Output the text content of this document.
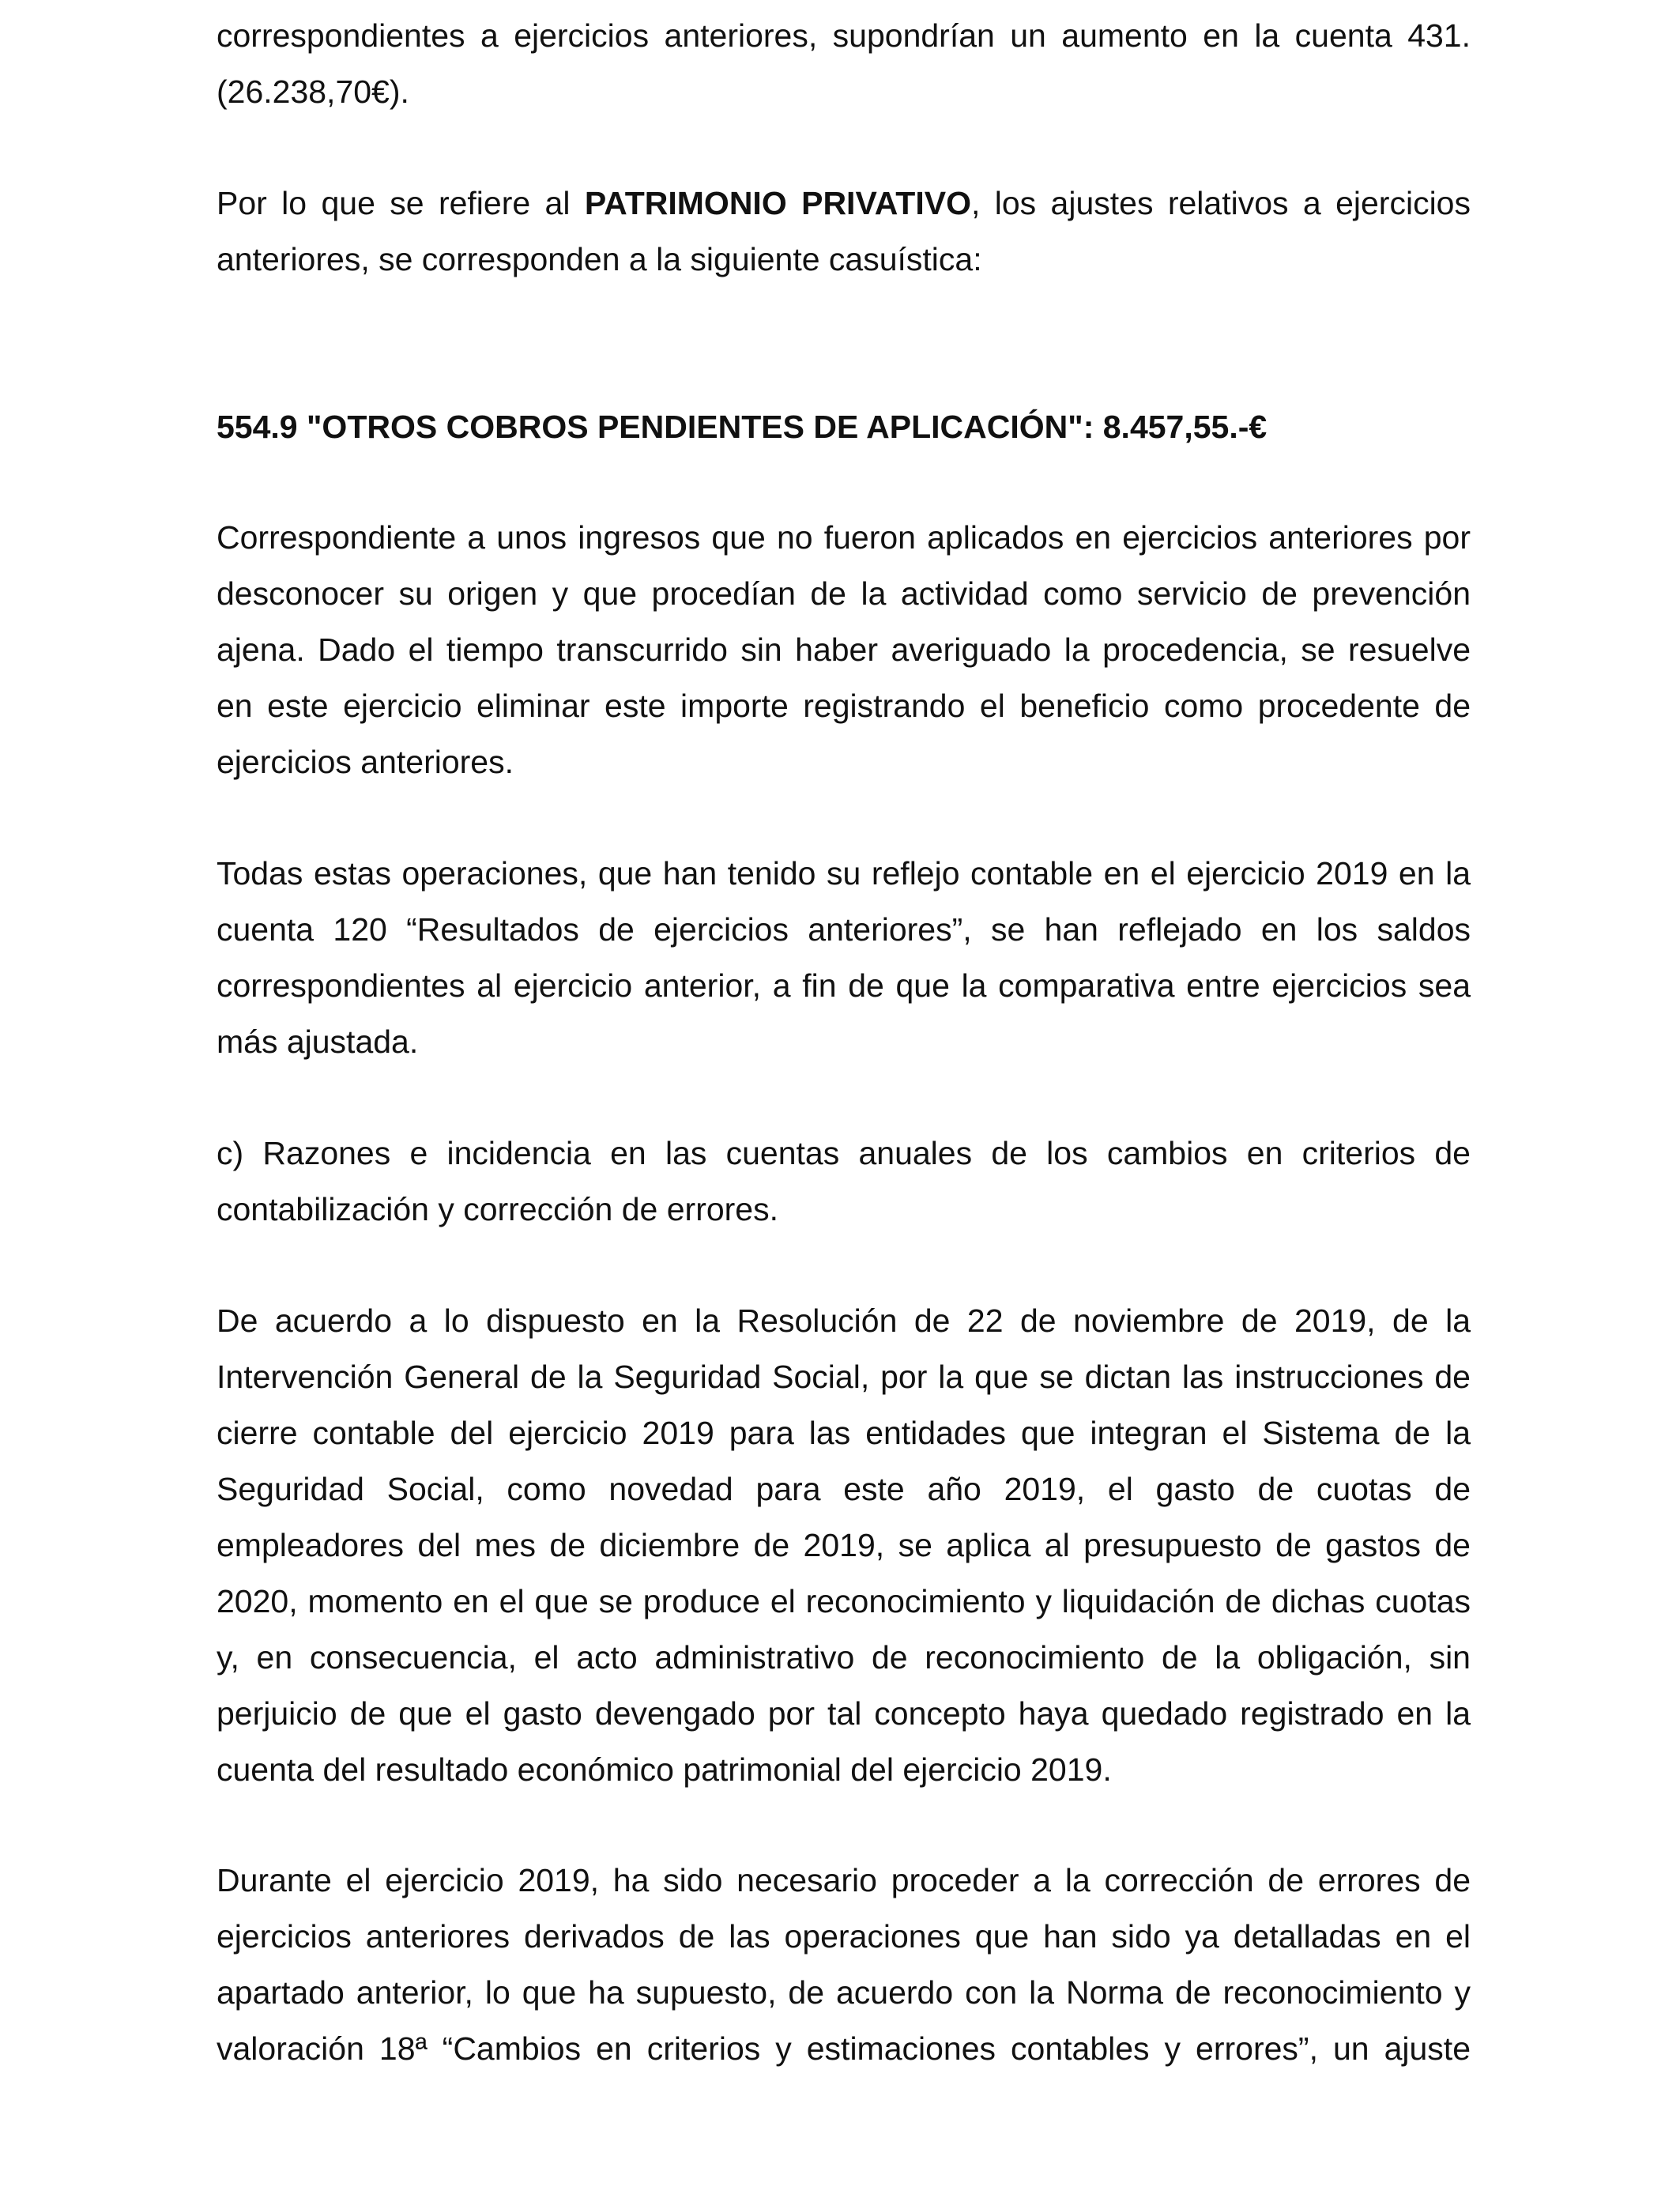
correspondientes a ejercicios anteriores, supondrían un aumento en la cuenta 431. (26.238,70€).

Por lo que se refiere al PATRIMONIO PRIVATIVO, los ajustes relativos a ejercicios anteriores, se corresponden a la siguiente casuística:

554.9 "OTROS COBROS PENDIENTES DE APLICACIÓN": 8.457,55.-€

Correspondiente a unos ingresos que no fueron aplicados en ejercicios anteriores por desconocer su origen y que procedían de la actividad como servicio de prevención ajena. Dado el tiempo transcurrido sin haber averiguado la procedencia, se resuelve en este ejercicio eliminar este importe registrando el beneficio como procedente de ejercicios anteriores.

Todas estas operaciones, que han tenido su reflejo contable en el ejercicio 2019 en la cuenta 120 “Resultados de ejercicios anteriores”, se han reflejado en los saldos correspondientes al ejercicio anterior, a fin de que la comparativa entre ejercicios sea más ajustada.

c) Razones e incidencia en las cuentas anuales de los cambios en criterios de contabilización y corrección de errores.

De acuerdo a lo dispuesto en la Resolución de 22 de noviembre de 2019, de la Intervención General de la Seguridad Social, por la que se dictan las instrucciones de cierre contable del ejercicio 2019 para las entidades que integran el Sistema de la Seguridad Social, como novedad para este año 2019, el gasto de cuotas de empleadores del mes de diciembre de 2019, se aplica al presupuesto de gastos de 2020, momento en el que se produce el reconocimiento y liquidación de dichas cuotas y, en consecuencia, el acto administrativo de reconocimiento de la obligación, sin perjuicio de que el gasto devengado por tal concepto haya quedado registrado en la cuenta del resultado económico patrimonial del ejercicio 2019.

Durante el ejercicio 2019, ha sido necesario proceder a la corrección de errores de ejercicios anteriores derivados de las operaciones que han sido ya detalladas en el apartado anterior, lo que ha supuesto, de acuerdo con la Norma de reconocimiento y valoración 18ª “Cambios en criterios y estimaciones contables y errores”, un ajuste
